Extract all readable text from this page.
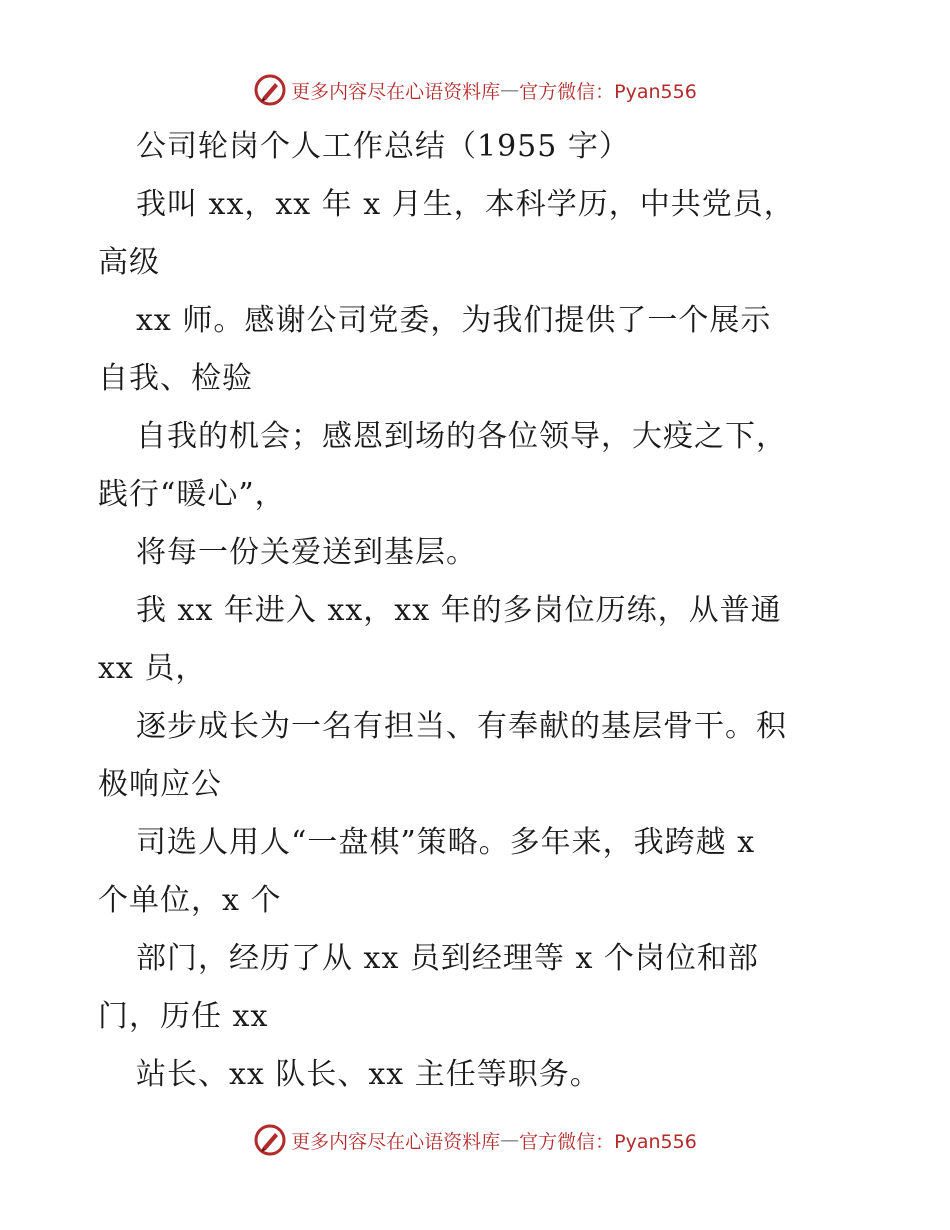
更多内容尽在心语资料库 — 官方微信：Pyan556
公司轮岗个人工作总结（1955 字）
我叫 xx，xx 年 x 月生，本科学历，中共党员，
高级
xx 师。感谢公司党委，为我们提供了一个展示
自我、检验
自我的机会；感恩到场的各位领导，大疫之下，
践行“暖心”，
将每一份关爱送到基层。
我 xx 年进入 xx，xx 年的多岗位历练，从普通
xx 员，
逐步成长为一名有担当、有奉献的基层骨干。积
极响应公
司选人用人“一盘棋”策略。多年来，我跨越 x
个单位，x 个
部门，经历了从 xx 员到经理等 x 个岗位和部
门，历任 xx
站长、xx 队长、xx 主任等职务。
更多内容尽在心语资料库 — 官方微信：Pyan556
